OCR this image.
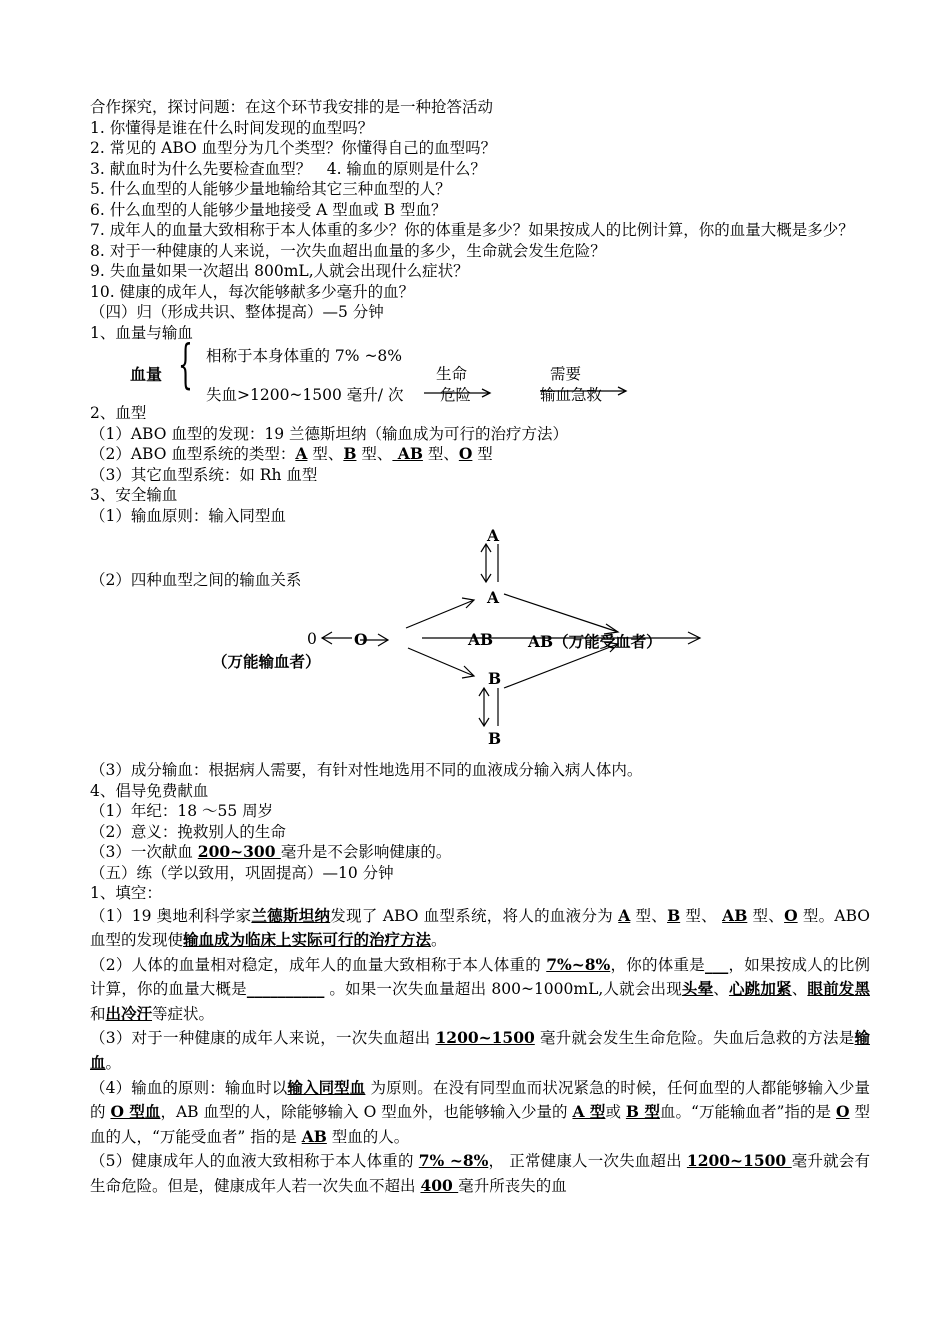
合作探究，探讨问题：在这个环节我安排的是一种抢答活动
1. 你懂得是谁在什么时间发现的血型吗？
2. 常见的 ABO 血型分为几个类型？你懂得自己的血型吗？
3. 献血时为什么先要检查血型？　4. 输血的原则是什么？
5. 什么血型的人能够少量地输给其它三种血型的人？
6. 什么血型的人能够少量地接受 A 型血或 B 型血？
7. 成年人的血量大致相称于本人体重的多少？你的体重是多少？如果按成人的比例计算，你的血量大概是多少？
8. 对于一种健康的人来说，一次失血超出血量的多少，生命就会发生危险？
9. 失血量如果一次超出 800mL,人就会出现什么症状？
10. 健康的成年人，每次能够献多少毫升的血？
（四）归（形成共识、整体提高）—5 分钟
1、血量与输血
血量 { 相称于本身体重的 7% ~8%
失血>1200~1500 毫升/ 次
生命
危险
需要
输血急救
2、血型
（1）ABO 血型的发现：19 兰德斯坦纳（输血成为可行的治疗方法）
（2）ABO 血型系统的类型：A 型、B 型、 AB 型、O 型
（3）其它血型系统：如 Rh 血型
3、安全输血
（1）输血原则：输入同型血
（2）四种血型之间的输血关系
A
A
0 O	AB AB（万能受血者）
（万能输血者）
B
B
（3）成分输血：根据病人需要，有针对性地选用不同的血液成分输入病人体内。
4、倡导免费献血
（1）年纪：18 ～55 周岁
（2）意义：挽救别人的生命
（3）一次献血 200~300 毫升是不会影响健康的。
（五）练（学以致用，巩固提高）—10 分钟
1、填空：
（1）19 奥地利科学家兰德斯坦纳发现了 ABO 血型系统，将人的血液分为 A 型、B 型、 AB 型、O 型。ABO 血型的发现使输血成为临床上实际可行的治疗方法。
（2）人体的血量相对稳定，成年人的血量大致相称于本人体重的 7%~8%，你的体重是___，如果按成人的比例计算，你的血量大概是__________ 。如果一次失血量超出 800~1000mL,人就会出现头晕、心跳加紧、眼前发黑和出冷汗等症状。
（3）对于一种健康的成年人来说，一次失血超出 1200~1500 毫升就会发生生命危险。失血后急救的方法是输血。
（4）输血的原则：输血时以输入同型血 为原则。在没有同型血而状况紧急的时候，任何血型的人都能够输入少量的 O 型血，AB 血型的人，除能够输入 O 型血外，也能够输入少量的 A 型或 B 型血。“万能输血者”指的是 O 型血的人，“万能受血者” 指的是 AB 型血的人。
（5）健康成年人的血液大致相称于本人体重的 7% ~8%， 正常健康人一次失血超出 1200~1500 毫升就会有生命危险。但是，健康成年人若一次失血不超出 400 毫升所丧失的血
